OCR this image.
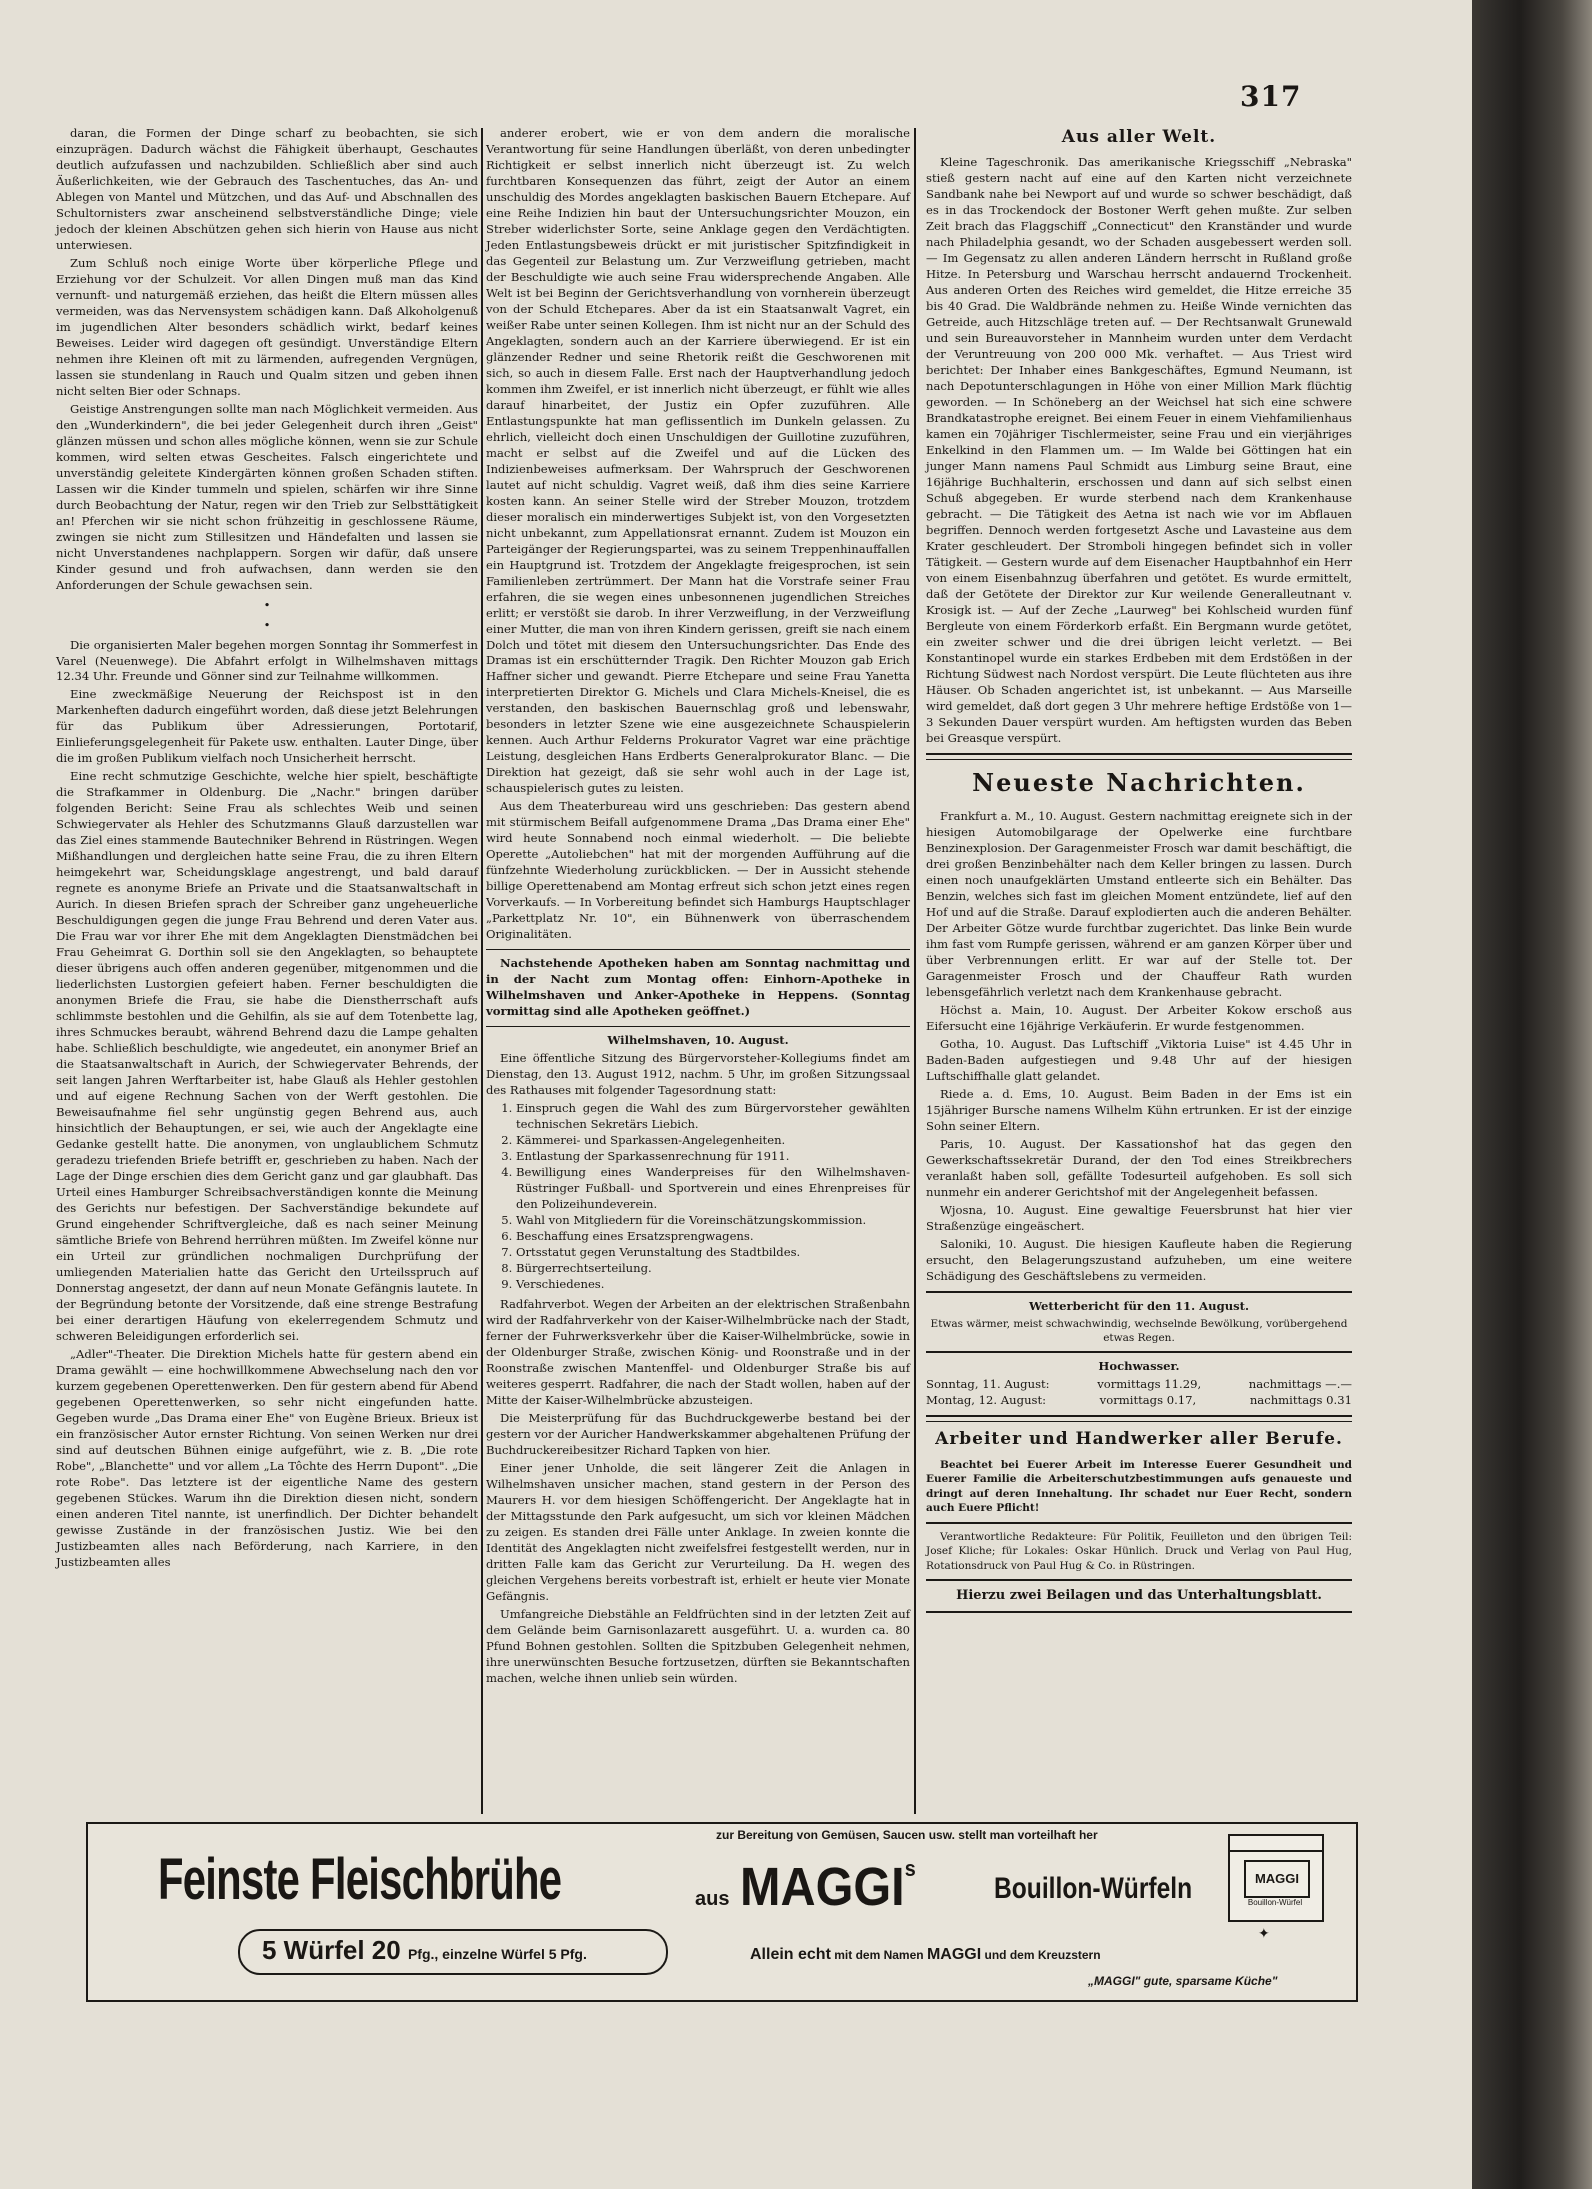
317

daran, die Formen der Dinge scharf zu beobachten, sie sich einzuprägen. Dadurch wächst die Fähigkeit überhaupt, Geschautes deutlich aufzufassen und nachzubilden. Schließlich aber sind auch Äußerlichkeiten, wie der Gebrauch des Taschentuches, das An- und Ablegen von Mantel und Mützchen, und das Auf- und Abschnallen des Schultornisters zwar anscheinend selbstverständliche Dinge; viele jedoch der kleinen Abschützen gehen sich hierin von Hause aus nicht unterwiesen.

Zum Schluß noch einige Worte über körperliche Pflege und Erziehung vor der Schulzeit. Vor allen Dingen muß man das Kind vernunft- und naturgemäß erziehen, das heißt die Eltern müssen alles vermeiden, was das Nervensystem schädigen kann. Daß Alkoholgenuß im jugendlichen Alter besonders schädlich wirkt, bedarf keines Beweises. Leider wird dagegen oft gesündigt. Unverständige Eltern nehmen ihre Kleinen oft mit zu lärmenden, aufregenden Vergnügen, lassen sie stundenlang in Rauch und Qualm sitzen und geben ihnen nicht selten Bier oder Schnaps.

Geistige Anstrengungen sollte man nach Möglichkeit vermeiden. Aus den „Wunderkindern", die bei jeder Gelegenheit durch ihren „Geist" glänzen müssen und schon alles mögliche können, wenn sie zur Schule kommen, wird selten etwas Gescheites. Falsch eingerichtete und unverständig geleitete Kindergärten können großen Schaden stiften. Lassen wir die Kinder tummeln und spielen, schärfen wir ihre Sinne durch Beobachtung der Natur, regen wir den Trieb zur Selbsttätigkeit an! Pferchen wir sie nicht schon frühzeitig in geschlossene Räume, zwingen sie nicht zum Stillesitzen und Händefalten und lassen sie nicht Unverstandenes nachplappern. Sorgen wir dafür, daß unsere Kinder gesund und froh aufwachsen, dann werden sie den Anforderungen der Schule gewachsen sein.

•
•

Die organisierten Maler begehen morgen Sonntag ihr Sommerfest in Varel (Neuenwege). Die Abfahrt erfolgt in Wilhelmshaven mittags 12.34 Uhr. Freunde und Gönner sind zur Teilnahme willkommen.

Eine zweckmäßige Neuerung der Reichspost ist in den Markenheften dadurch eingeführt worden, daß diese jetzt Belehrungen für das Publikum über Adressierungen, Portotarif, Einlieferungsgelegenheit für Pakete usw. enthalten. Lauter Dinge, über die im großen Publikum vielfach noch Unsicherheit herrscht.

Eine recht schmutzige Geschichte, welche hier spielt, beschäftigte die Strafkammer in Oldenburg. Die „Nachr." bringen darüber folgenden Bericht: Seine Frau als schlechtes Weib und seinen Schwiegervater als Hehler des Schutzmanns Glauß darzustellen war das Ziel eines stammende Bautechniker Behrend in Rüstringen. Wegen Mißhandlungen und dergleichen hatte seine Frau, die zu ihren Eltern heimgekehrt war, Scheidungsklage angestrengt, und bald darauf regnete es anonyme Briefe an Private und die Staatsanwaltschaft in Aurich. In diesen Briefen sprach der Schreiber ganz ungeheuerliche Beschuldigungen gegen die junge Frau Behrend und deren Vater aus. Die Frau war vor ihrer Ehe mit dem Angeklagten Dienstmädchen bei Frau Geheimrat G. Dorthin soll sie den Angeklagten, so behauptete dieser übrigens auch offen anderen gegenüber, mitgenommen und die liederlichsten Lustorgien gefeiert haben. Ferner beschuldigten die anonymen Briefe die Frau, sie habe die Dienstherrschaft aufs schlimmste bestohlen und die Gehilfin, als sie auf dem Totenbette lag, ihres Schmuckes beraubt, während Behrend dazu die Lampe gehalten habe. Schließlich beschuldigte, wie angedeutet, ein anonymer Brief an die Staatsanwaltschaft in Aurich, der Schwiegervater Behrends, der seit langen Jahren Werftarbeiter ist, habe Glauß als Hehler gestohlen und auf eigene Rechnung Sachen von der Werft gestohlen. Die Beweisaufnahme fiel sehr ungünstig gegen Behrend aus, auch hinsichtlich der Behauptungen, er sei, wie auch der Angeklagte eine Gedanke gestellt hatte. Die anonymen, von unglaublichem Schmutz geradezu triefenden Briefe betrifft er, geschrieben zu haben. Nach der Lage der Dinge erschien dies dem Gericht ganz und gar glaubhaft. Das Urteil eines Hamburger Schreibsachverständigen konnte die Meinung des Gerichts nur befestigen. Der Sachverständige bekundete auf Grund eingehender Schriftvergleiche, daß es nach seiner Meinung sämtliche Briefe von Behrend herrühren müßten. Im Zweifel könne nur ein Urteil zur gründlichen nochmaligen Durchprüfung der umliegenden Materialien hatte das Gericht den Urteilsspruch auf Donnerstag angesetzt, der dann auf neun Monate Gefängnis lautete. In der Begründung betonte der Vorsitzende, daß eine strenge Bestrafung bei einer derartigen Häufung von ekelerregendem Schmutz und schweren Beleidigungen erforderlich sei.

„Adler"-Theater. Die Direktion Michels hatte für gestern abend ein Drama gewählt — eine hochwillkommene Abwechselung nach den vor kurzem gegebenen Operettenwerken. Den für gestern abend für Abend gegebenen Operettenwerken, so sehr nicht eingefunden hatte. Gegeben wurde „Das Drama einer Ehe" von Eugène Brieux. Brieux ist ein französischer Autor ernster Richtung. Von seinen Werken nur drei sind auf deutschen Bühnen einige aufgeführt, wie z. B. „Die rote Robe", „Blanchette" und vor allem „La Tôchte des Herrn Dupont". „Die rote Robe". Das letztere ist der eigentliche Name des gestern gegebenen Stückes. Warum ihn die Direktion diesen nicht, sondern einen anderen Titel nannte, ist unerfindlich. Der Dichter behandelt gewisse Zustände in der französischen Justiz. Wie bei den Justizbeamten alles nach Beförderung, nach Karriere, in den Justizbeamten alles

anderer erobert, wie er von dem andern die moralische Verantwortung für seine Handlungen überläßt, von deren unbedingter Richtigkeit er selbst innerlich nicht überzeugt ist. Zu welch furchtbaren Konsequenzen das führt, zeigt der Autor an einem unschuldig des Mordes angeklagten baskischen Bauern Etchepare. Auf eine Reihe Indizien hin baut der Untersuchungsrichter Mouzon, ein Streber widerlichster Sorte, seine Anklage gegen den Verdächtigten. Jeden Entlastungsbeweis drückt er mit juristischer Spitzfindigkeit in das Gegenteil zur Belastung um. Zur Verzweiflung getrieben, macht der Beschuldigte wie auch seine Frau widersprechende Angaben. Alle Welt ist bei Beginn der Gerichtsverhandlung von vornherein überzeugt von der Schuld Etchepares. Aber da ist ein Staatsanwalt Vagret, ein weißer Rabe unter seinen Kollegen. Ihm ist nicht nur an der Schuld des Angeklagten, sondern auch an der Karriere überwiegend. Er ist ein glänzender Redner und seine Rhetorik reißt die Geschworenen mit sich, so auch in diesem Falle. Erst nach der Hauptverhandlung jedoch kommen ihm Zweifel, er ist innerlich nicht überzeugt, er fühlt wie alles darauf hinarbeitet, der Justiz ein Opfer zuzuführen. Alle Entlastungspunkte hat man geflissentlich im Dunkeln gelassen. Zu ehrlich, vielleicht doch einen Unschuldigen der Guillotine zuzuführen, macht er selbst auf die Zweifel und auf die Lücken des Indizienbeweises aufmerksam. Der Wahrspruch der Geschworenen lautet auf nicht schuldig. Vagret weiß, daß ihm dies seine Karriere kosten kann. An seiner Stelle wird der Streber Mouzon, trotzdem dieser moralisch ein minderwertiges Subjekt ist, von den Vorgesetzten nicht unbekannt, zum Appellationsrat ernannt. Zudem ist Mouzon ein Parteigänger der Regierungspartei, was zu seinem Treppenhinauffallen ein Hauptgrund ist. Trotzdem der Angeklagte freigesprochen, ist sein Familienleben zertrümmert. Der Mann hat die Vorstrafe seiner Frau erfahren, die sie wegen eines unbesonnenen jugendlichen Streiches erlitt; er verstößt sie darob. In ihrer Verzweiflung, in der Verzweiflung einer Mutter, die man von ihren Kindern gerissen, greift sie nach einem Dolch und tötet mit diesem den Untersuchungsrichter. Das Ende des Dramas ist ein erschütternder Tragik. Den Richter Mouzon gab Erich Haffner sicher und gewandt. Pierre Etchepare und seine Frau Yanetta interpretierten Direktor G. Michels und Clara Michels-Kneisel, die es verstanden, den baskischen Bauernschlag groß und lebenswahr, besonders in letzter Szene wie eine ausgezeichnete Schauspielerin kennen. Auch Arthur Felderns Prokurator Vagret war eine prächtige Leistung, desgleichen Hans Erdberts Generalprokurator Blanc. — Die Direktion hat gezeigt, daß sie sehr wohl auch in der Lage ist, schauspielerisch gutes zu leisten.

Aus dem Theaterbureau wird uns geschrieben: Das gestern abend mit stürmischem Beifall aufgenommene Drama „Das Drama einer Ehe" wird heute Sonnabend noch einmal wiederholt. — Die beliebte Operette „Autoliebchen" hat mit der morgenden Aufführung auf die fünfzehnte Wiederholung zurückblicken. — Der in Aussicht stehende billige Operettenabend am Montag erfreut sich schon jetzt eines regen Vorverkaufs. — In Vorbereitung befindet sich Hamburgs Hauptschlager „Parkettplatz Nr. 10", ein Bühnenwerk von überraschendem Originalitäten.

Nachstehende Apotheken haben am Sonntag nachmittag und in der Nacht zum Montag offen: Einhorn-Apotheke in Wilhelmshaven und Anker-Apotheke in Heppens. (Sonntag vormittag sind alle Apotheken geöffnet.)

Wilhelmshaven, 10. August.

Eine öffentliche Sitzung des Bürgervorsteher-Kollegiums findet am Dienstag, den 13. August 1912, nachm. 5 Uhr, im großen Sitzungssaal des Rathauses mit folgender Tagesordnung statt:

1. Einspruch gegen die Wahl des zum Bürgervorsteher gewählten technischen Sekretärs Liebich.
2. Kämmerei- und Sparkassen-Angelegenheiten.
3. Entlastung der Sparkassenrechnung für 1911.
4. Bewilligung eines Wanderpreises für den Wilhelmshaven-Rüstringer Fußball- und Sportverein und eines Ehrenpreises für den Polizeihundeverein.
5. Wahl von Mitgliedern für die Voreinschätzungskommission.
6. Beschaffung eines Ersatzsprengwagens.
7. Ortsstatut gegen Verunstaltung des Stadtbildes.
8. Bürgerrechtserteilung.
9. Verschiedenes.

Radfahrverbot. Wegen der Arbeiten an der elektrischen Straßenbahn wird der Radfahrverkehr von der Kaiser-Wilhelmbrücke nach der Stadt, ferner der Fuhrwerksverkehr über die Kaiser-Wilhelmbrücke, sowie in der Oldenburger Straße, zwischen König- und Roonstraße und in der Roonstraße zwischen Mantenffel- und Oldenburger Straße bis auf weiteres gesperrt. Radfahrer, die nach der Stadt wollen, haben auf der Mitte der Kaiser-Wilhelmbrücke abzusteigen.

Die Meisterprüfung für das Buchdruckgewerbe bestand bei der gestern vor der Auricher Handwerkskammer abgehaltenen Prüfung der Buchdruckereibesitzer Richard Tapken von hier.

Einer jener Unholde, die seit längerer Zeit die Anlagen in Wilhelmshaven unsicher machen, stand gestern in der Person des Maurers H. vor dem hiesigen Schöffengericht. Der Angeklagte hat in der Mittagsstunde den Park aufgesucht, um sich vor kleinen Mädchen zu zeigen. Es standen drei Fälle unter Anklage. In zweien konnte die Identität des Angeklagten nicht zweifelsfrei festgestellt werden, nur in dritten Falle kam das Gericht zur Verurteilung. Da H. wegen des gleichen Vergehens bereits vorbestraft ist, erhielt er heute vier Monate Gefängnis.

Umfangreiche Diebstähle an Feldfrüchten sind in der letzten Zeit auf dem Gelände beim Garnisonlazarett ausgeführt. U. a. wurden ca. 80 Pfund Bohnen gestohlen. Sollten die Spitzbuben Gelegenheit nehmen, ihre unerwünschten Besuche fortzusetzen, dürften sie Bekanntschaften machen, welche ihnen unlieb sein würden.

Aus aller Welt.

Kleine Tageschronik. Das amerikanische Kriegsschiff „Nebraska" stieß gestern nacht auf eine auf den Karten nicht verzeichnete Sandbank nahe bei Newport auf und wurde so schwer beschädigt, daß es in das Trockendock der Bostoner Werft gehen mußte. Zur selben Zeit brach das Flaggschiff „Connecticut" den Kranständer und wurde nach Philadelphia gesandt, wo der Schaden ausgebessert werden soll. — Im Gegensatz zu allen anderen Ländern herrscht in Rußland große Hitze. In Petersburg und Warschau herrscht andauernd Trockenheit. Aus anderen Orten des Reiches wird gemeldet, die Hitze erreiche 35 bis 40 Grad. Die Waldbrände nehmen zu. Heiße Winde vernichten das Getreide, auch Hitzschläge treten auf. — Der Rechtsanwalt Grunewald und sein Bureauvorsteher in Mannheim wurden unter dem Verdacht der Veruntreuung von 200 000 Mk. verhaftet. — Aus Triest wird berichtet: Der Inhaber eines Bankgeschäftes, Egmund Neumann, ist nach Depotunterschlagungen in Höhe von einer Million Mark flüchtig geworden. — In Schöneberg an der Weichsel hat sich eine schwere Brandkatastrophe ereignet. Bei einem Feuer in einem Viehfamilienhaus kamen ein 70jähriger Tischlermeister, seine Frau und ein vierjähriges Enkelkind in den Flammen um. — Im Walde bei Göttingen hat ein junger Mann namens Paul Schmidt aus Limburg seine Braut, eine 16jährige Buchhalterin, erschossen und dann auf sich selbst einen Schuß abgegeben. Er wurde sterbend nach dem Krankenhause gebracht. — Die Tätigkeit des Aetna ist nach wie vor im Abflauen begriffen. Dennoch werden fortgesetzt Asche und Lavasteine aus dem Krater geschleudert. Der Stromboli hingegen befindet sich in voller Tätigkeit. — Gestern wurde auf dem Eisenacher Hauptbahnhof ein Herr von einem Eisenbahnzug überfahren und getötet. Es wurde ermittelt, daß der Getötete der Direktor zur Kur weilende Generalleutnant v. Krosigk ist. — Auf der Zeche „Laurweg" bei Kohlscheid wurden fünf Bergleute von einem Förderkorb erfaßt. Ein Bergmann wurde getötet, ein zweiter schwer und die drei übrigen leicht verletzt. — Bei Konstantinopel wurde ein starkes Erdbeben mit dem Erdstößen in der Richtung Südwest nach Nordost verspürt. Die Leute flüchteten aus ihre Häuser. Ob Schaden angerichtet ist, ist unbekannt. — Aus Marseille wird gemeldet, daß dort gegen 3 Uhr mehrere heftige Erdstöße von 1—3 Sekunden Dauer verspürt wurden. Am heftigsten wurden das Beben bei Greasque verspürt.

Neueste Nachrichten.

Frankfurt a. M., 10. August. Gestern nachmittag ereignete sich in der hiesigen Automobilgarage der Opelwerke eine furchtbare Benzinexplosion. Der Garagenmeister Frosch war damit beschäftigt, die drei großen Benzinbehälter nach dem Keller bringen zu lassen. Durch einen noch unaufgeklärten Umstand entleerte sich ein Behälter. Das Benzin, welches sich fast im gleichen Moment entzündete, lief auf den Hof und auf die Straße. Darauf explodierten auch die anderen Behälter. Der Arbeiter Götze wurde furchtbar zugerichtet. Das linke Bein wurde ihm fast vom Rumpfe gerissen, während er am ganzen Körper über und über Verbrennungen erlitt. Er war auf der Stelle tot. Der Garagenmeister Frosch und der Chauffeur Rath wurden lebensgefährlich verletzt nach dem Krankenhause gebracht.

Höchst a. Main, 10. August. Der Arbeiter Kokow erschoß aus Eifersucht eine 16jährige Verkäuferin. Er wurde festgenommen.

Gotha, 10. August. Das Luftschiff „Viktoria Luise" ist 4.45 Uhr in Baden-Baden aufgestiegen und 9.48 Uhr auf der hiesigen Luftschiffhalle glatt gelandet.

Riede a. d. Ems, 10. August. Beim Baden in der Ems ist ein 15jähriger Bursche namens Wilhelm Kühn ertrunken. Er ist der einzige Sohn seiner Eltern.

Paris, 10. August. Der Kassationshof hat das gegen den Gewerkschaftssekretär Durand, der den Tod eines Streikbrechers veranlaßt haben soll, gefällte Todesurteil aufgehoben. Es soll sich nunmehr ein anderer Gerichtshof mit der Angelegenheit befassen.

Wjosna, 10. August. Eine gewaltige Feuersbrunst hat hier vier Straßenzüge eingeäschert.

Saloniki, 10. August. Die hiesigen Kaufleute haben die Regierung ersucht, den Belagerungszustand aufzuheben, um eine weitere Schädigung des Geschäftslebens zu vermeiden.

Wetterbericht für den 11. August.

Etwas wärmer, meist schwachwindig, wechselnde Bewölkung, vorübergehend etwas Regen.

Hochwasser.

Sonntag, 11. August:	vormittags 11.29,	nachmittags —.—
Montag, 12. August:	vormittags 0.17,	nachmittags 0.31
Arbeiter und Handwerker aller Berufe.

Beachtet bei Euerer Arbeit im Interesse Euerer Gesundheit und Euerer Familie die Arbeiterschutzbestimmungen aufs genaueste und dringt auf deren Innehaltung. Ihr schadet nur Euer Recht, sondern auch Euere Pflicht!

Verantwortliche Redakteure: Für Politik, Feuilleton und den übrigen Teil: Josef Kliche; für Lokales: Oskar Hünlich. Druck und Verlag von Paul Hug, Rotationsdruck von Paul Hug & Co. in Rüstringen.

Hierzu zwei Beilagen und das Unterhaltungsblatt.
zur Bereitung von Gemüsen, Saucen usw. stellt man vorteilhaft her
Feinste Fleischbrühe	aus MAGGI$^s$
Bouillon-Würfeln
5 Würfel 20 Pfg., einzelne Würfel 5 Pfg.	Allein echt mit dem Namen MAGGI und dem Kreuzstern
MAGGI
Bouillon-Würfel
✦
„MAGGI" gute, sparsame Küche"
